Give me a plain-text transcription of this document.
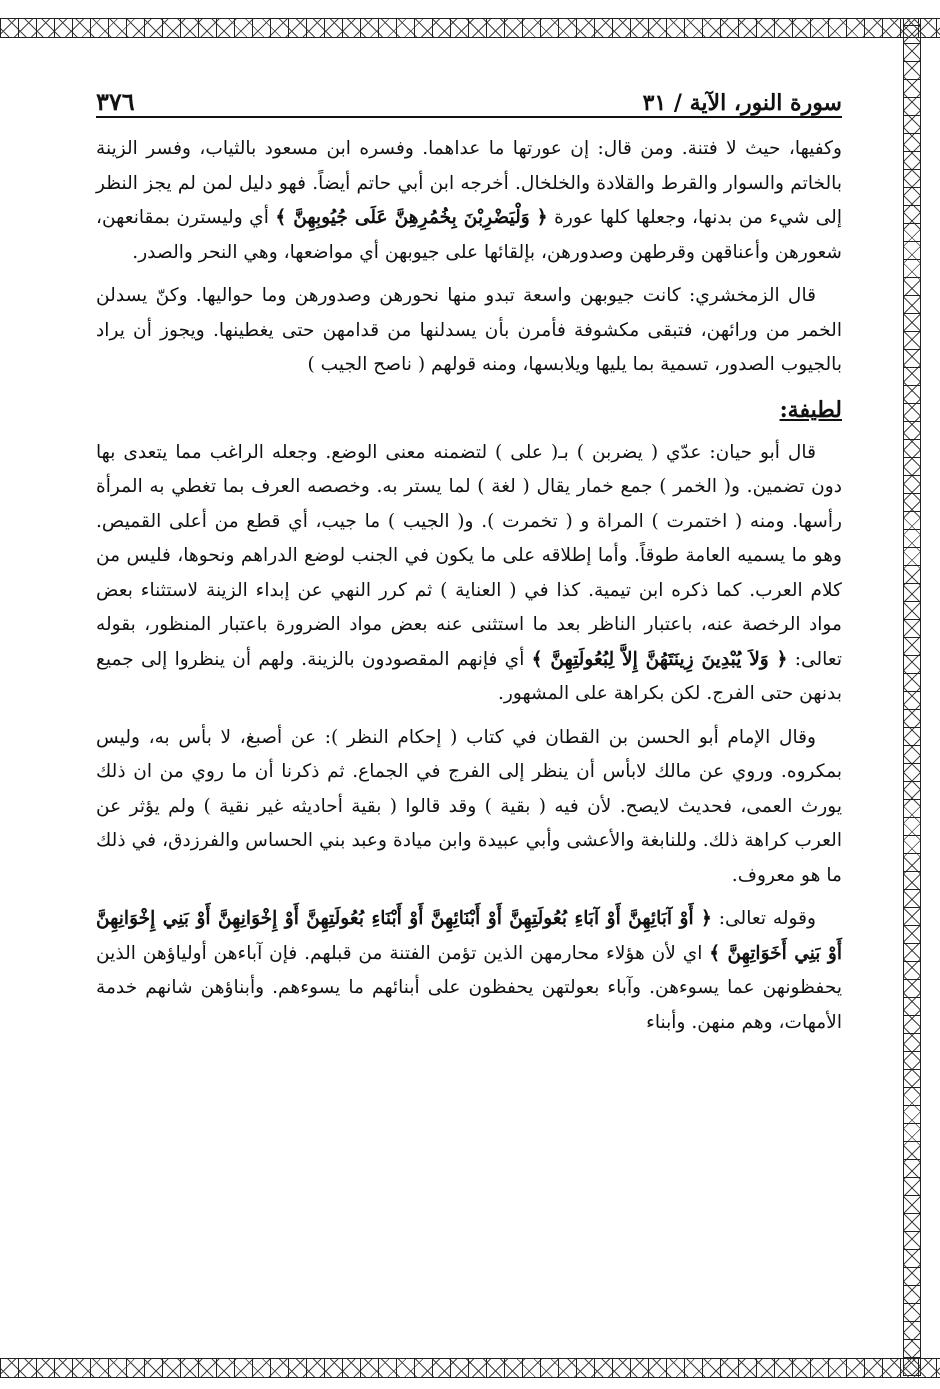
سورة النور، الآية / ٣١
٣٧٦

وكفيها، حيث لا فتنة. ومن قال: إن عورتها ما عداهما. وفسره ابن مسعود بالثياب، وفسر الزينة بالخاتم والسوار والقرط والقلادة والخلخال. أخرجه ابن أبي حاتم أيضاً. فهو دليل لمن لم يجز النظر إلى شيء من بدنها، وجعلها كلها عورة ﴿ وَلْيَضْرِبْنَ بِخُمُرِهِنَّ عَلَى جُيُوبِهِنَّ ﴾ أي وليسترن بمقانعهن، شعورهن وأعناقهن وقرطهن وصدورهن، بإلقائها على جيوبهن أي مواضعها، وهي النحر والصدر.

قال الزمخشري: كانت جيوبهن واسعة تبدو منها نحورهن وصدورهن وما حواليها. وكنّ يسدلن الخمر من ورائهن، فتبقى مكشوفة فأمرن بأن يسدلنها من قدامهن حتى يغطينها. ويجوز أن يراد بالجيوب الصدور، تسمية بما يليها ويلابسها، ومنه قولهم ( ناصح الجيب )

لطيفة:

قال أبو حيان: عدّي ( يضربن ) بـ( على ) لتضمنه معنى الوضع. وجعله الراغب مما يتعدى بها دون تضمين. و( الخمر ) جمع خمار يقال ( لغة ) لما يستر به. وخصصه العرف بما تغطي به المرأة رأسها. ومنه ( اختمرت ) المراة و ( تخمرت ). و( الجيب ) ما جيب، أي قطع من أعلى القميص. وهو ما يسميه العامة طوقاً. وأما إطلاقه على ما يكون في الجنب لوضع الدراهم ونحوها، فليس من كلام العرب. كما ذكره ابن تيمية. كذا في ( العناية ) ثم كرر النهي عن إبداء الزينة لاستثناء بعض مواد الرخصة عنه، باعتبار الناظر بعد ما استثنى عنه بعض مواد الضرورة باعتبار المنظور، بقوله تعالى: ﴿ وَلاَ يُبْدِينَ زِينَتَهُنَّ إِلاَّ لِبُعُولَتِهِنَّ ﴾ أي فإنهم المقصودون بالزينة. ولهم أن ينظروا إلى جميع بدنهن حتى الفرج. لكن بكراهة على المشهور.

وقال الإمام أبو الحسن بن القطان في كتاب ( إحكام النظر ): عن أصبغ، لا بأس به، وليس بمكروه. وروي عن مالك لابأس أن ينظر إلى الفرج في الجماع. ثم ذكرنا أن ما روي من ان ذلك يورث العمى، فحديث لايصح. لأن فيه ( بقية ) وقد قالوا ( بقية أحاديثه غير نقية ) ولم يؤثر عن العرب كراهة ذلك. وللنابغة والأعشى وأبي عبيدة وابن ميادة وعبد بني الحساس والفرزدق، في ذلك ما هو معروف.

وقوله تعالى: ﴿ أَوْ آبَائِهِنَّ أَوْ آبَاءِ بُعُولَتِهِنَّ أَوْ أَبْنَائِهِنَّ أَوْ أَبْنَاءِ بُعُولَتِهِنَّ أَوْ إِخْوَانِهِنَّ أَوْ بَنِي إِخْوَانِهِنَّ أَوْ بَنِي أَخَوَاتِهِنَّ ﴾ اي لأن هؤلاء محارمهن الذين تؤمن الفتنة من قبلهم. فإن آباءهن أولياؤهن الذين يحفظونهن عما يسوءهن. وآباء بعولتهن يحفظون على أبنائهم ما يسوءهم. وأبناؤهن شانهم خدمة الأمهات، وهم منهن. وأبناء
